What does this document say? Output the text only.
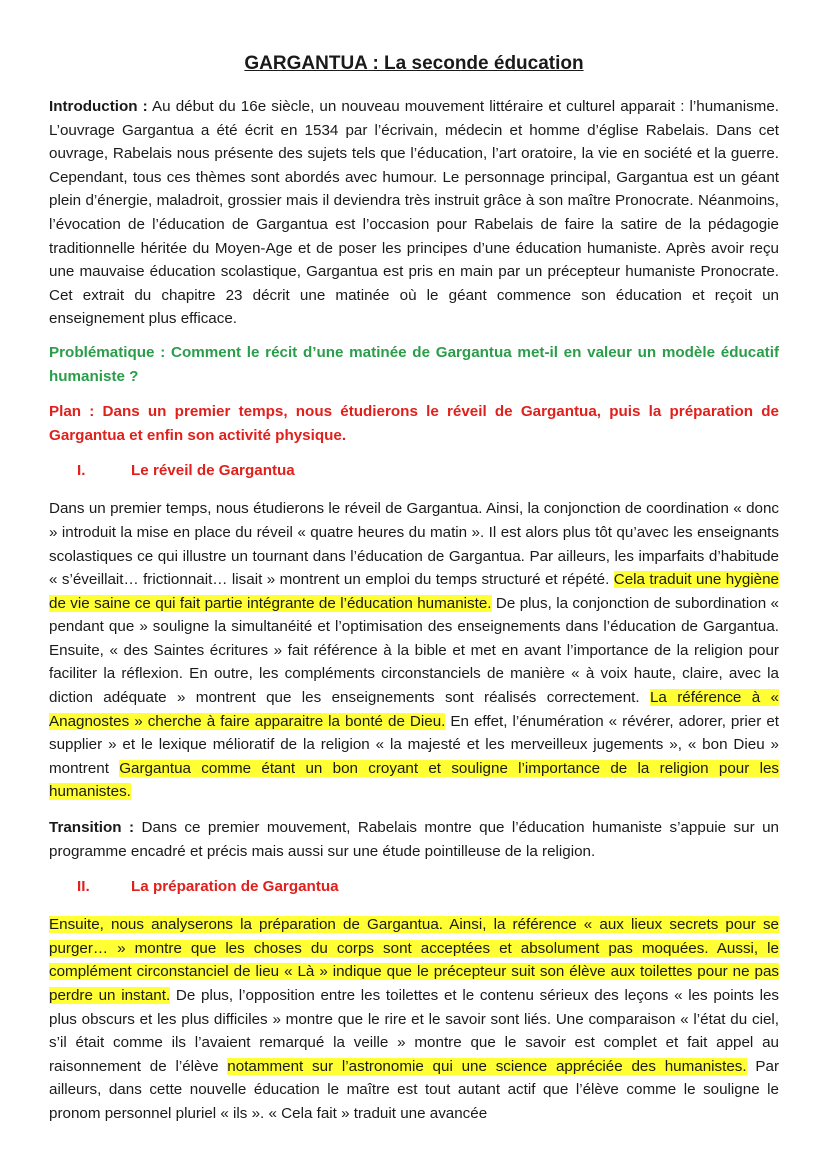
GARGANTUA : La seconde éducation

Introduction : Au début du 16e siècle, un nouveau mouvement littéraire et culturel apparait : l’humanisme. L’ouvrage Gargantua a été écrit en 1534 par l’écrivain, médecin et homme d’église Rabelais. Dans cet ouvrage, Rabelais nous présente des sujets tels que l’éducation, l’art oratoire, la vie en société et la guerre. Cependant, tous ces thèmes sont abordés avec humour. Le personnage principal, Gargantua est un géant plein d’énergie, maladroit, grossier mais il deviendra très instruit grâce à son maître Pronocrate. Néanmoins, l’évocation de l’éducation de Gargantua est l’occasion pour Rabelais de faire la satire de la pédagogie traditionnelle héritée du Moyen-Age et de poser les principes d’une éducation humaniste. Après avoir reçu une mauvaise éducation scolastique, Gargantua est pris en main par un précepteur humaniste Pronocrate. Cet extrait du chapitre 23 décrit une matinée où le géant commence son éducation et reçoit un enseignement plus efficace.

Problématique : Comment le récit d’une matinée de Gargantua met-il en valeur un modèle éducatif humaniste ?

Plan : Dans un premier temps, nous étudierons le réveil de Gargantua, puis la préparation de Gargantua et enfin son activité physique.

I.	Le réveil de Gargantua

Dans un premier temps, nous étudierons le réveil de Gargantua. Ainsi, la conjonction de coordination « donc » introduit la mise en place du réveil « quatre heures du matin ». Il est alors plus tôt qu’avec les enseignants scolastiques ce qui illustre un tournant dans l’éducation de Gargantua. Par ailleurs, les imparfaits d’habitude « s’éveillait… frictionnait… lisait » montrent un emploi du temps structuré et répété. Cela traduit une hygiène de vie saine ce qui fait partie intégrante de l’éducation humaniste. De plus, la conjonction de subordination « pendant que » souligne la simultanéité et l’optimisation des enseignements dans l’éducation de Gargantua. Ensuite, « des Saintes écritures » fait référence à la bible et met en avant l’importance de la religion pour faciliter la réflexion. En outre, les compléments circonstanciels de manière « à voix haute, claire, avec la diction adéquate » montrent que les enseignements sont réalisés correctement. La référence à « Anagnostes » cherche à faire apparaitre la bonté de Dieu. En effet, l’énumération « révérer, adorer, prier et supplier » et le lexique mélioratif de la religion « la majesté et les merveilleux jugements », « bon Dieu » montrent Gargantua comme étant un bon croyant et souligne l’importance de la religion pour les humanistes.

Transition : Dans ce premier mouvement, Rabelais montre que l’éducation humaniste s’appuie sur un programme encadré et précis mais aussi sur une étude pointilleuse de la religion.

II.	La préparation de Gargantua

Ensuite, nous analyserons la préparation de Gargantua. Ainsi, la référence « aux lieux secrets pour se purger… » montre que les choses du corps sont acceptées et absolument pas moquées. Aussi, le complément circonstanciel de lieu « Là » indique que le précepteur suit son élève aux toilettes pour ne pas perdre un instant. De plus, l’opposition entre les toilettes et le contenu sérieux des leçons « les points les plus obscurs et les plus difficiles » montre que le rire et le savoir sont liés. Une comparaison « l’état du ciel, s’il était comme ils l’avaient remarqué la veille » montre que le savoir est complet et fait appel au raisonnement de l’élève notamment sur l’astronomie qui une science appréciée des humanistes. Par ailleurs, dans cette nouvelle éducation le maître est tout autant actif que l’élève comme le souligne le pronom personnel pluriel « ils ». « Cela fait » traduit une avancée
